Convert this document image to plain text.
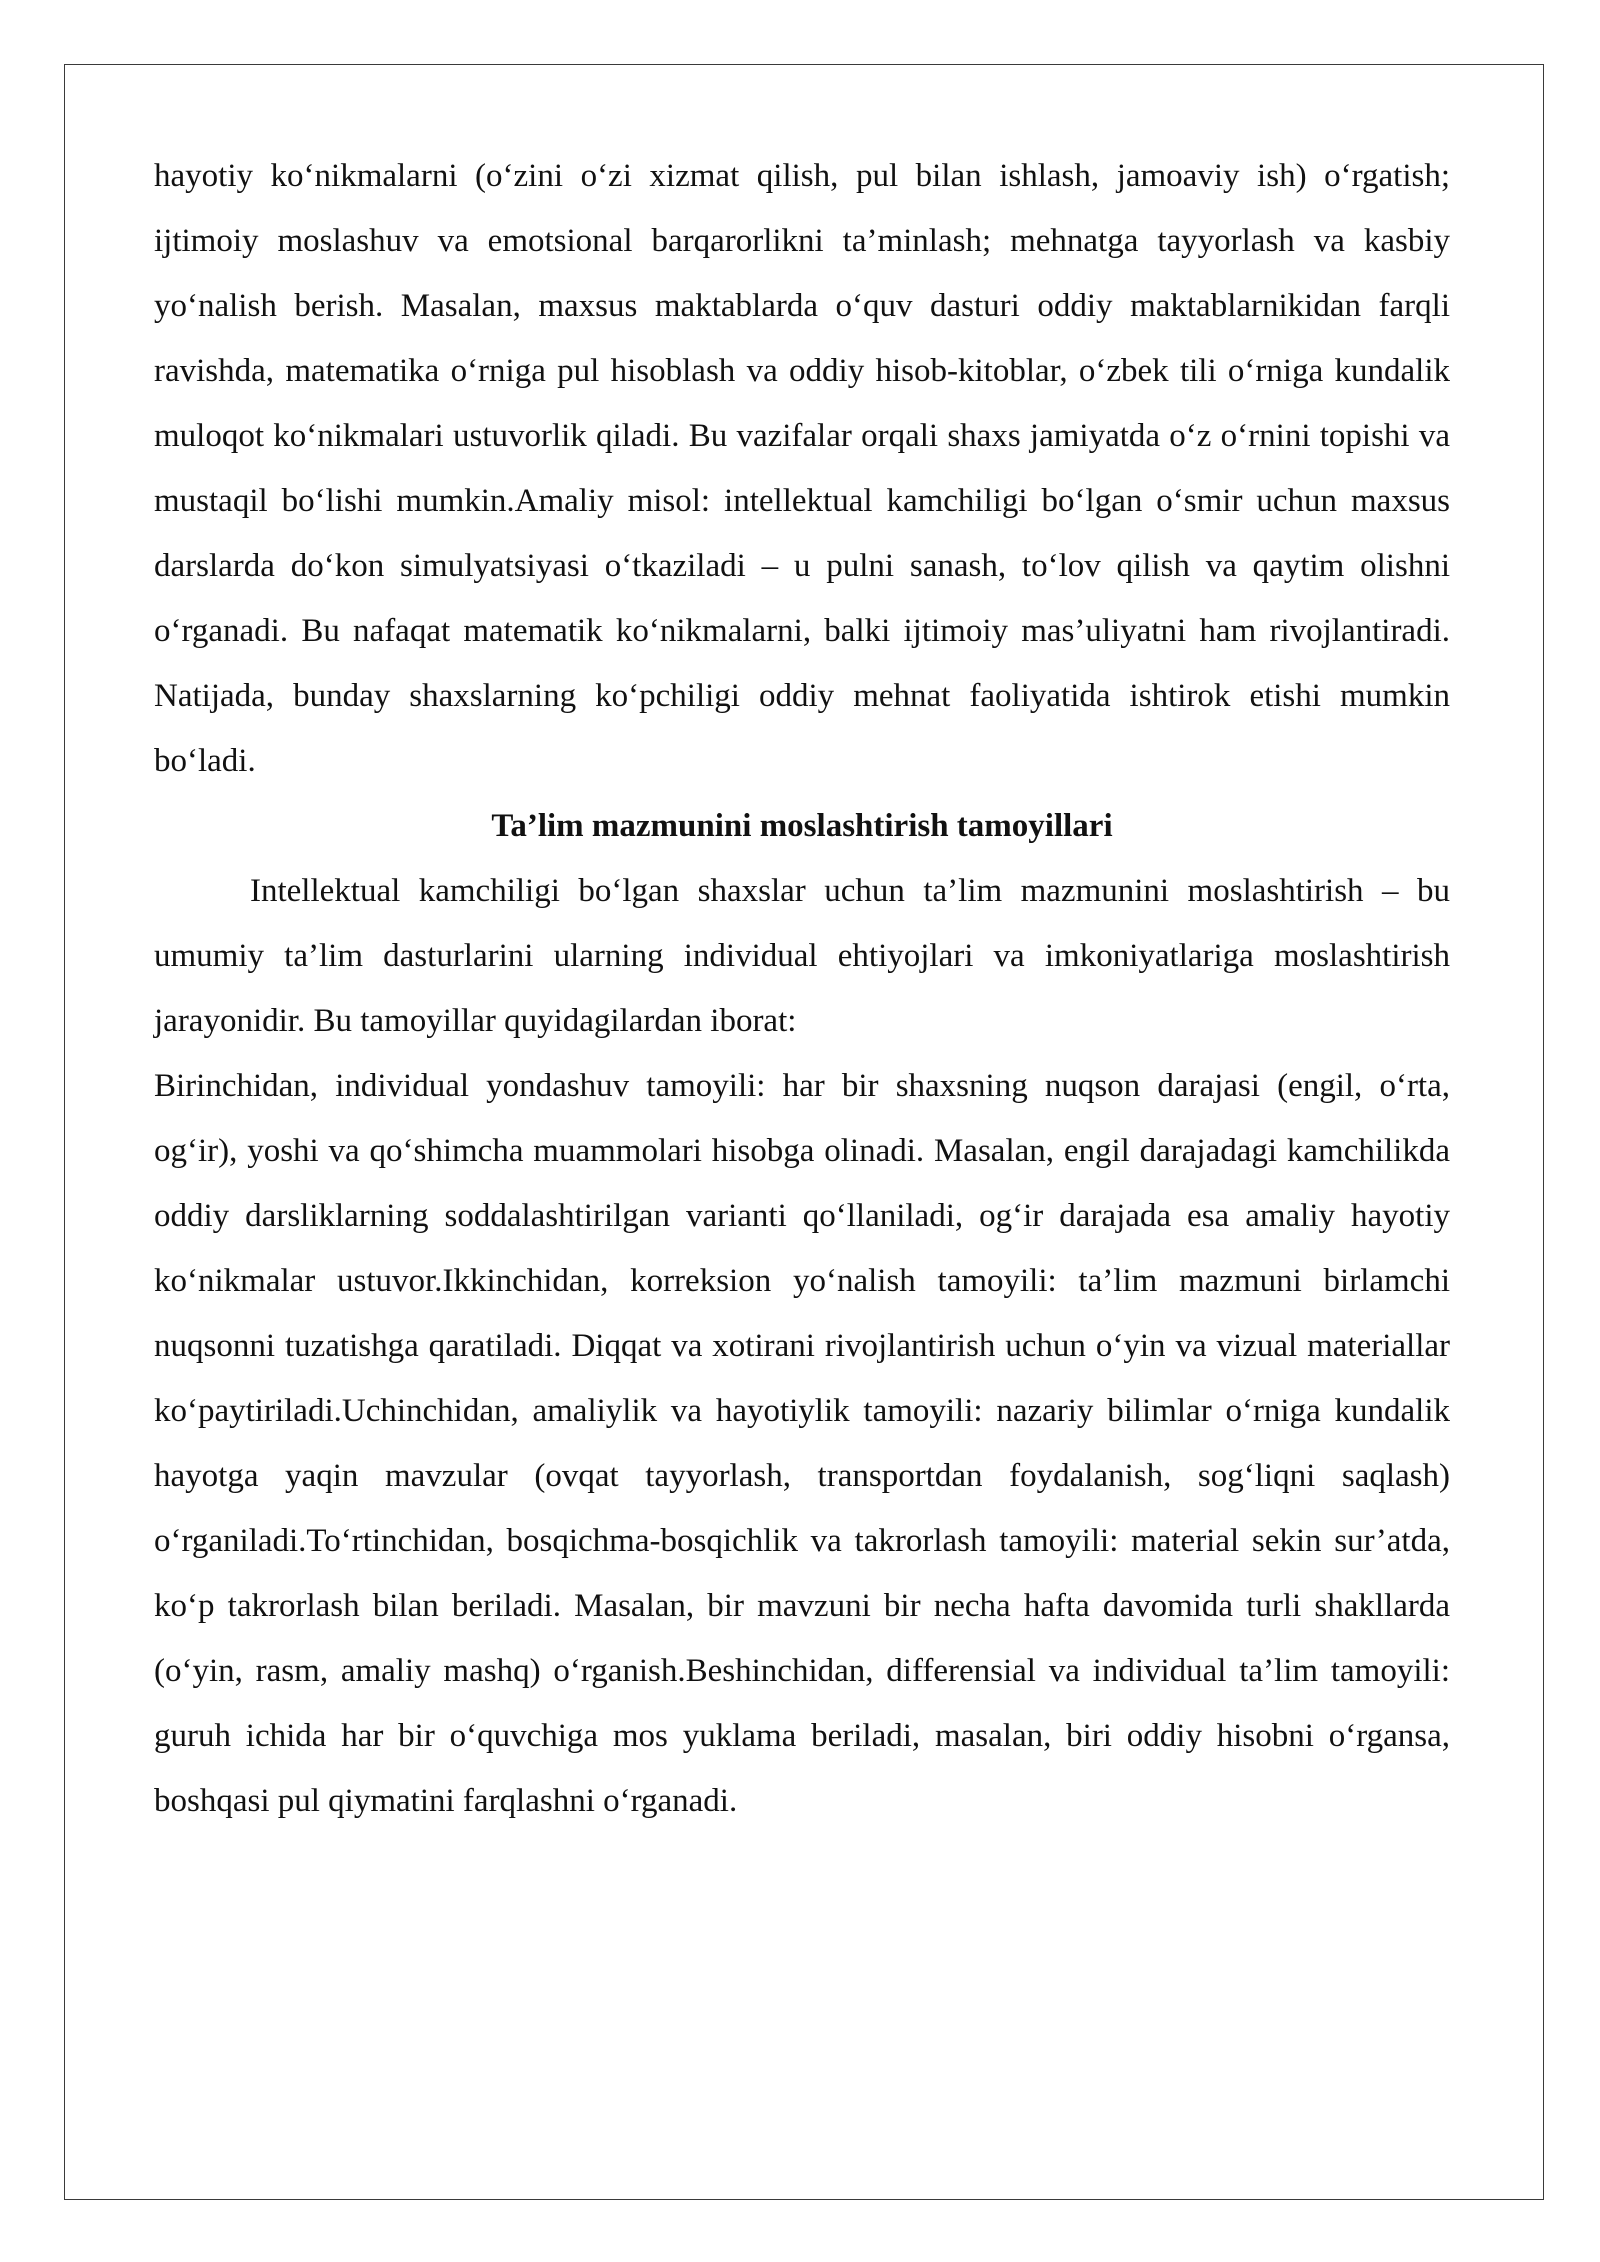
hayotiy ko‘nikmalarni (o‘zini o‘zi xizmat qilish, pul bilan ishlash, jamoaviy ish) o‘rgatish; ijtimoiy moslashuv va emotsional barqarorlikni ta’minlash; mehnatga tayyorlash va kasbiy yo‘nalish berish. Masalan, maxsus maktablarda o‘quv dasturi oddiy maktablarnikidan farqli ravishda, matematika o‘rniga pul hisoblash va oddiy hisob-kitoblar, o‘zbek tili o‘rniga kundalik muloqot ko‘nikmalari ustuvorlik qiladi. Bu vazifalar orqali shaxs jamiyatda o‘z o‘rnini topishi va mustaqil bo‘lishi mumkin.Amaliy misol: intellektual kamchiligi bo‘lgan o‘smir uchun maxsus darslarda do‘kon simulyatsiyasi o‘tkaziladi – u pulni sanash, to‘lov qilish va qaytim olishni o‘rganadi. Bu nafaqat matematik ko‘nikmalarni, balki ijtimoiy mas’uliyatni ham rivojlantiradi. Natijada, bunday shaxslarning ko‘pchiligi oddiy mehnat faoliyatida ishtirok etishi mumkin bo‘ladi.

Ta’lim mazmunini moslashtirish tamoyillari

Intellektual kamchiligi bo‘lgan shaxslar uchun ta’lim mazmunini moslashtirish – bu umumiy ta’lim dasturlarini ularning individual ehtiyojlari va imkoniyatlariga moslashtirish jarayonidir. Bu tamoyillar quyidagilardan iborat:

Birinchidan, individual yondashuv tamoyili: har bir shaxsning nuqson darajasi (engil, o‘rta, og‘ir), yoshi va qo‘shimcha muammolari hisobga olinadi. Masalan, engil darajadagi kamchilikda oddiy darsliklarning soddalashtirilgan varianti qo‘llaniladi, og‘ir darajada esa amaliy hayotiy ko‘nikmalar ustuvor.Ikkinchidan, korreksion yo‘nalish tamoyili: ta’lim mazmuni birlamchi nuqsonni tuzatishga qaratiladi. Diqqat va xotirani rivojlantirish uchun o‘yin va vizual materiallar ko‘paytiriladi.Uchinchidan, amaliylik va hayotiylik tamoyili: nazariy bilimlar o‘rniga kundalik hayotga yaqin mavzular (ovqat tayyorlash, transportdan foydalanish, sog‘liqni saqlash) o‘rganiladi.To‘rtinchidan, bosqichma-bosqichlik va takrorlash tamoyili: material sekin sur’atda, ko‘p takrorlash bilan beriladi. Masalan, bir mavzuni bir necha hafta davomida turli shakllarda (o‘yin, rasm, amaliy mashq) o‘rganish.Beshinchidan, differensial va individual ta’lim tamoyili: guruh ichida har bir o‘quvchiga mos yuklama beriladi, masalan, biri oddiy hisobni o‘rgansa, boshqasi pul qiymatini farqlashni o‘rganadi.
